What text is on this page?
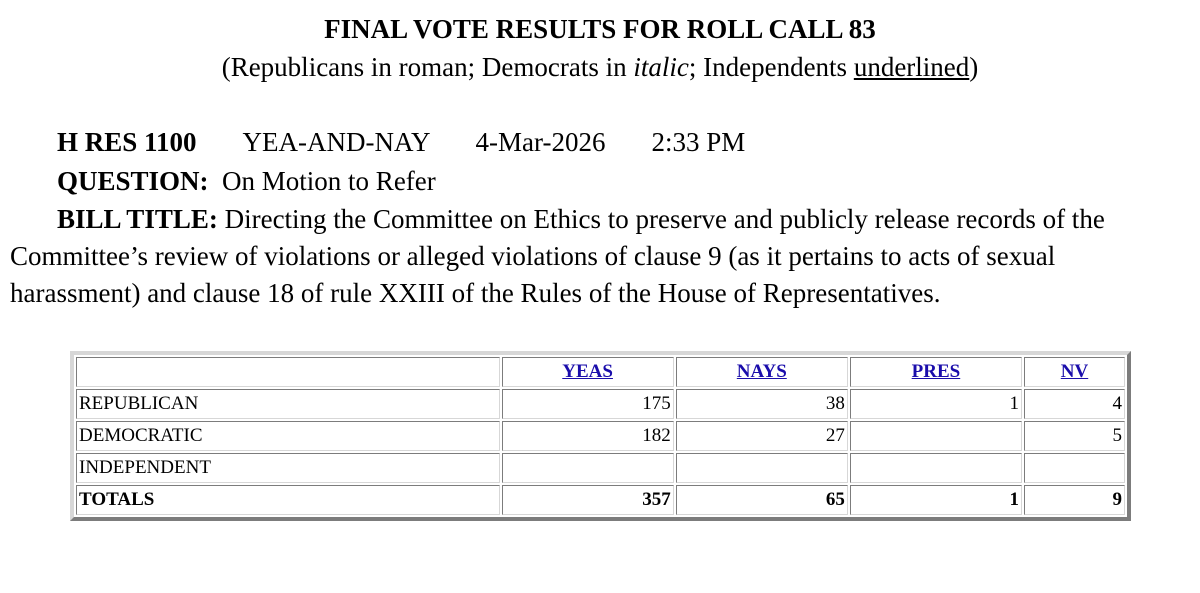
FINAL VOTE RESULTS FOR ROLL CALL 83
(Republicans in roman; Democrats in italic; Independents underlined)
H RES 1100 YEA-AND-NAY 4-Mar-2026 2:33 PM
QUESTION: On Motion to Refer
BILL TITLE: Directing the Committee on Ethics to preserve and publicly release records of the Committee’s review of violations or alleged violations of clause 9 (as it pertains to acts of sexual harassment) and clause 18 of rule XXIII of the Rules of the House of Representatives.
	YEAS	NAYS	PRES	NV
REPUBLICAN	175	38	1	4
DEMOCRATIC	182	27		5
INDEPENDENT				
TOTALS	357	65	1	9
